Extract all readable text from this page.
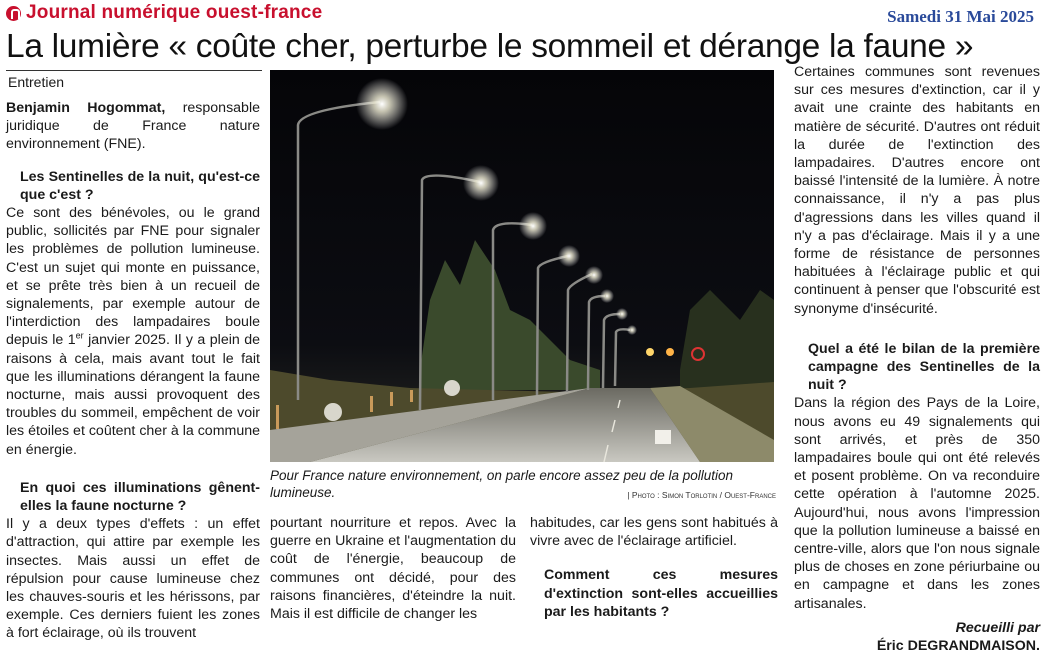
Journal numérique ouest-france	Samedi 31 Mai 2025
La lumière « coûte cher, perturbe le sommeil et dérange la faune »
Entretien

Benjamin Hogommat, responsable juridique de France nature environnement (FNE).

Les Sentinelles de la nuit, qu'est-ce que c'est ?

Ce sont des bénévoles, ou le grand public, sollicités par FNE pour signaler les problèmes de pollution lumineuse. C'est un sujet qui monte en puissance, et se prête très bien à un recueil de signalements, par exemple autour de l'interdiction des lampadaires boule depuis le 1er janvier 2025. Il y a plein de raisons à cela, mais avant tout le fait que les illuminations dérangent la faune nocturne, mais aussi provoquent des troubles du sommeil, empêchent de voir les étoiles et coûtent cher à la commune en énergie.

En quoi ces illuminations gênent-elles la faune nocturne ?

Il y a deux types d'effets : un effet d'attraction, qui attire par exemple les insectes. Mais aussi un effet de répulsion pour cause lumineuse chez les chauves-souris et les hérissons, par exemple. Ces derniers fuient les zones à fort éclairage, où ils trouvent

Pour France nature environnement, on parle encore assez peu de la pollution lumineuse.	| Photo : Simon Torlotin / Ouest-France

pourtant nourriture et repos. Avec la guerre en Ukraine et l'augmentation du coût de l'énergie, beaucoup de communes ont décidé, pour des raisons financières, d'éteindre la nuit. Mais il est difficile de changer les

habitudes, car les gens sont habitués à vivre avec de l'éclairage artificiel.

Comment ces mesures d'extinction sont-elles accueillies par les habitants ?

Certaines communes sont revenues sur ces mesures d'extinction, car il y avait une crainte des habitants en matière de sécurité. D'autres ont réduit la durée de l'extinction des lampadaires. D'autres encore ont baissé l'intensité de la lumière. À notre connaissance, il n'y a pas plus d'agressions dans les villes quand il n'y a pas d'éclairage. Mais il y a une forme de résistance de personnes habituées à l'éclairage public et qui continuent à penser que l'obscurité est synonyme d'insécurité.

Quel a été le bilan de la première campagne des Sentinelles de la nuit ?

Dans la région des Pays de la Loire, nous avons eu 49 signalements qui sont arrivés, et près de 350 lampadaires boule qui ont été relevés et posent problème. On va reconduire cette opération à l'automne 2025. Aujourd'hui, nous avons l'impression que la pollution lumineuse a baissé en centre-ville, alors que l'on nous signale plus de choses en zone périurbaine ou en campagne et dans les zones artisanales.

Recueilli par
Éric DEGRANDMAISON.
